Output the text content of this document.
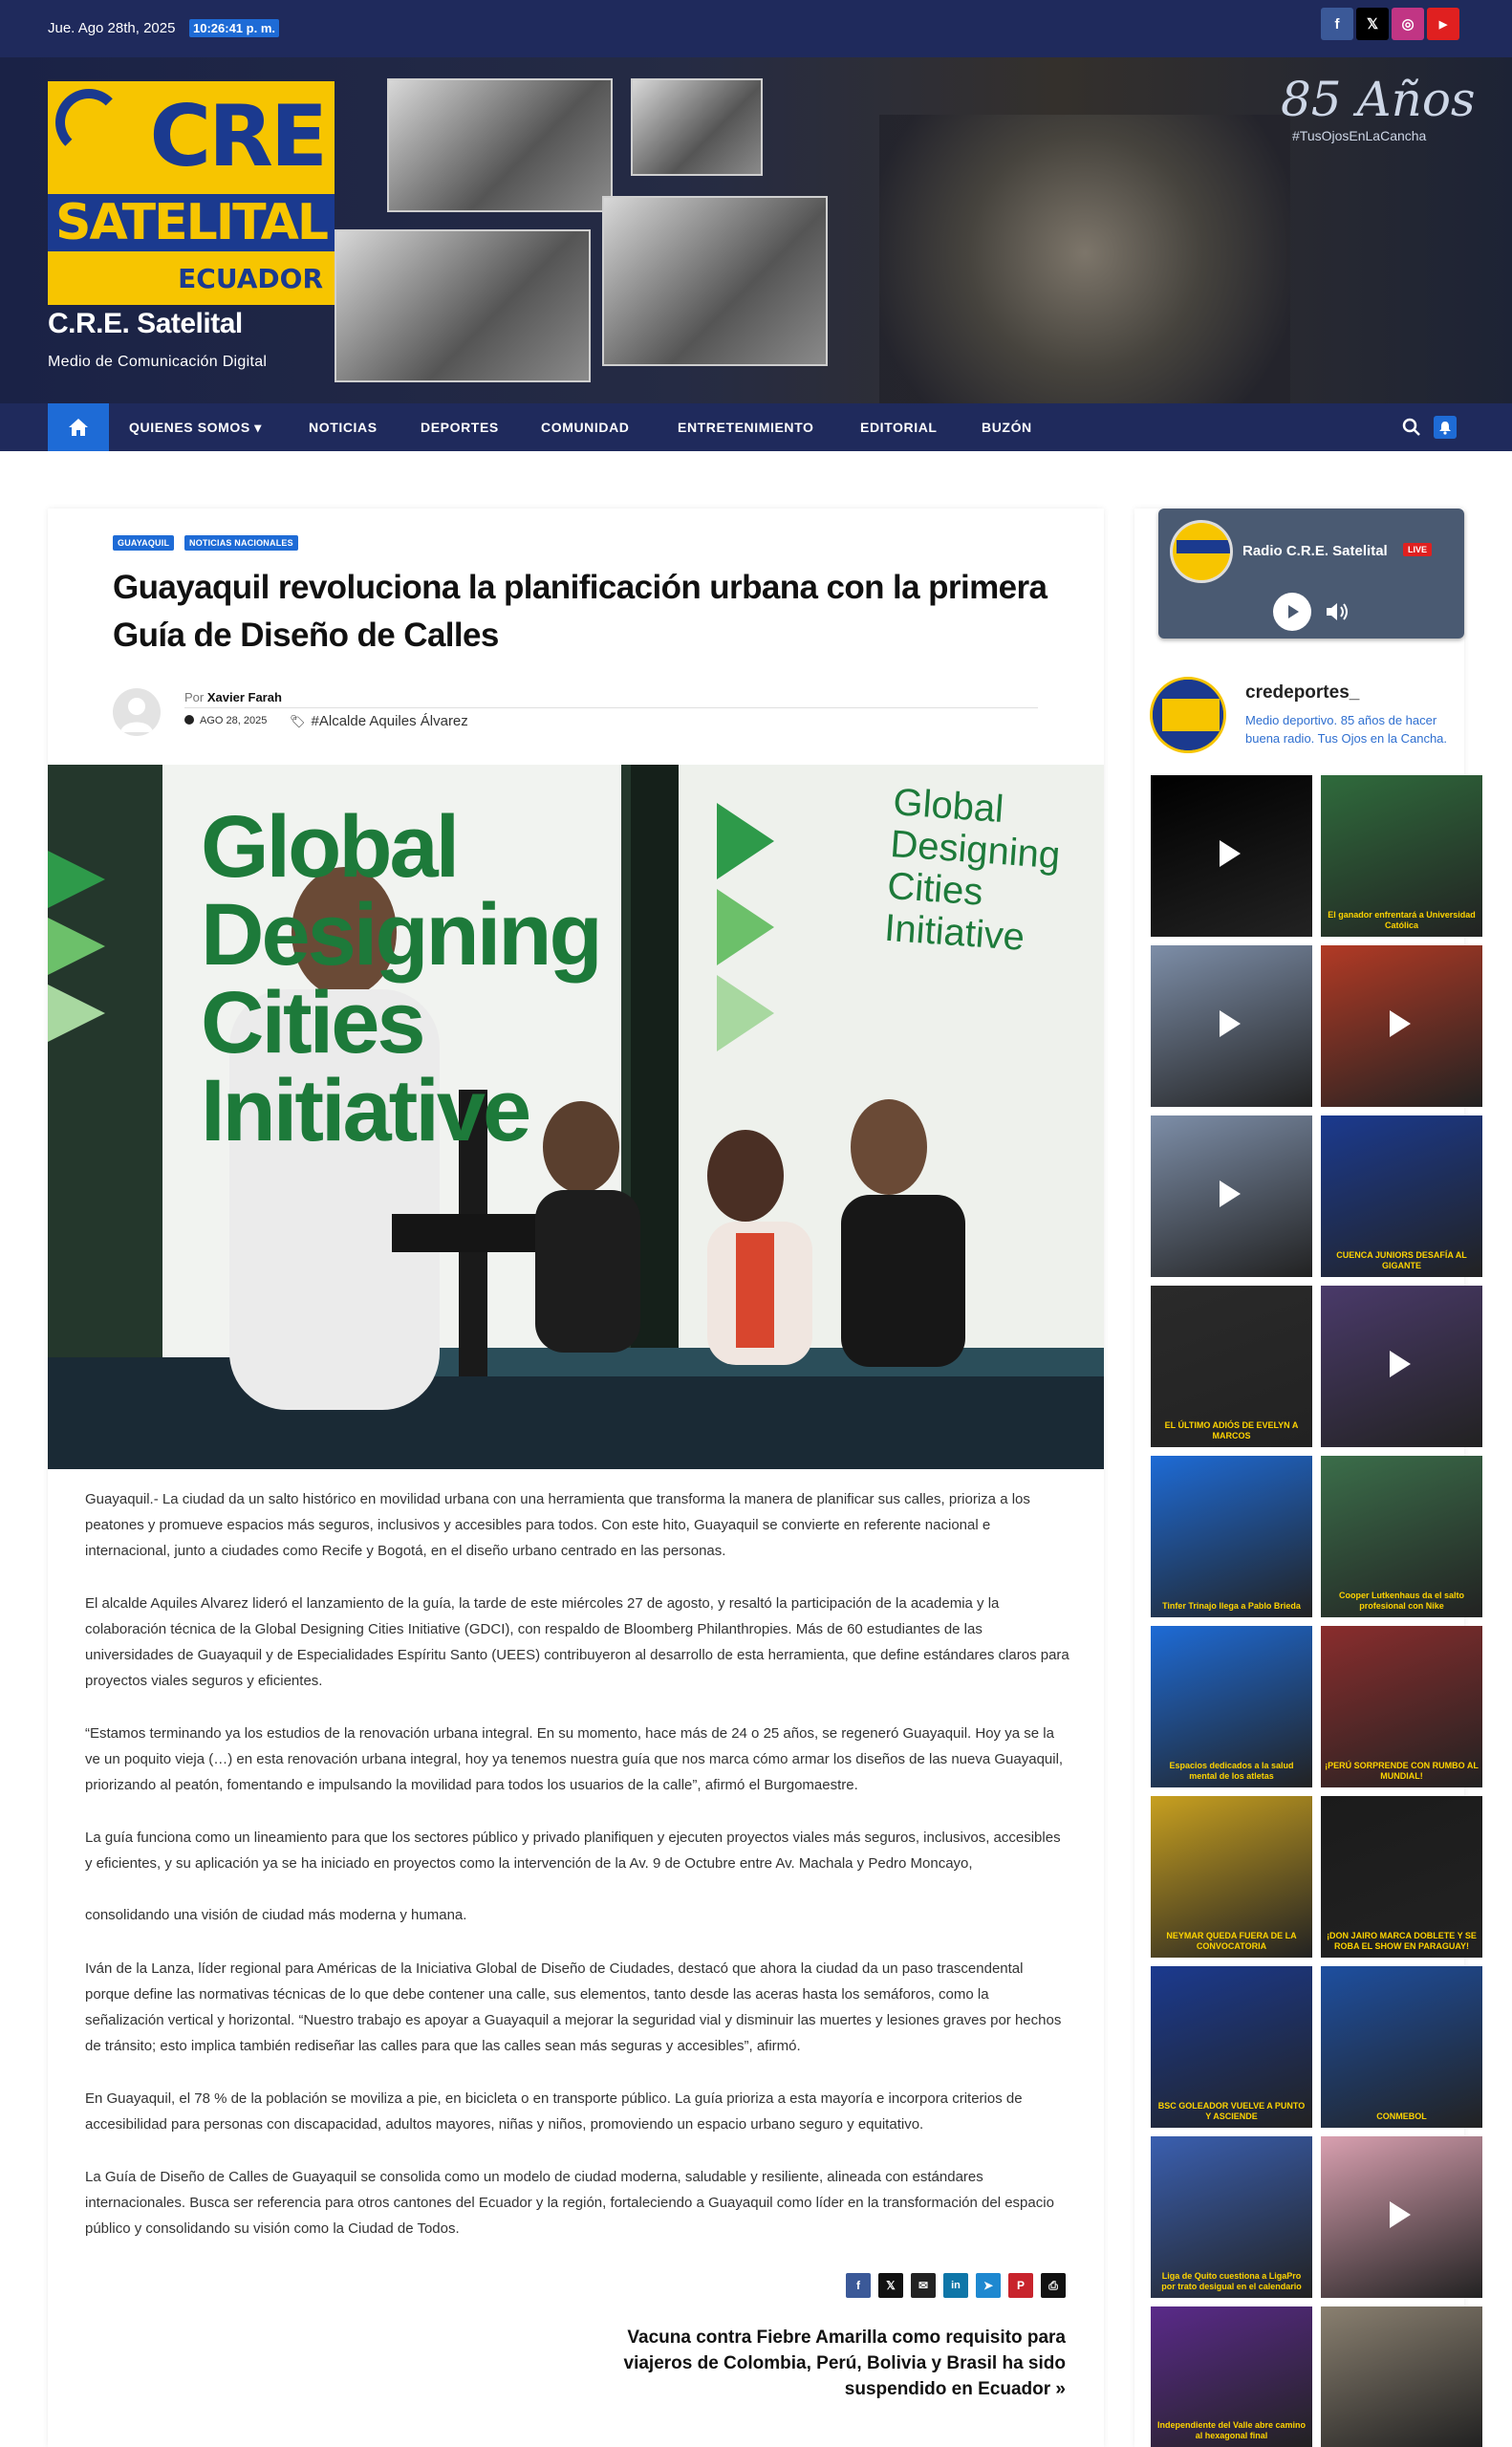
Jue. Ago 28th, 2025	10:26:41 p. m.	f	𝕏	◎	▶
CRE
SATELITAL
ECUADOR
C.R.E. Satelital
Medio de Comunicación Digital
85 Años
#TusOjosEnLaCancha
QUIENES SOMOS ▾	NOTICIAS	DEPORTES	COMUNIDAD	ENTRETENIMIENTO	EDITORIAL	BUZÓN
GUAYAQUIL	NOTICIAS NACIONALES
Guayaquil revoluciona la planificación urbana con la primera Guía de Diseño de Calles
Por Xavier Farah
AGO 28, 2025 🏷 #Alcalde Aquiles Álvarez
Global Designing Cities Initiative
Global Designing Cities Initiative

Guayaquil.- La ciudad da un salto histórico en movilidad urbana con una herramienta que transforma la manera de planificar sus calles, prioriza a los peatones y promueve espacios más seguros, inclusivos y accesibles para todos. Con este hito, Guayaquil se convierte en referente nacional e internacional, junto a ciudades como Recife y Bogotá, en el diseño urbano centrado en las personas.

El alcalde Aquiles Alvarez lideró el lanzamiento de la guía, la tarde de este miércoles 27 de agosto, y resaltó la participación de la academia y la colaboración técnica de la Global Designing Cities Initiative (GDCI), con respaldo de Bloomberg Philanthropies. Más de 60 estudiantes de las universidades de Guayaquil y de Especialidades Espíritu Santo (UEES) contribuyeron al desarrollo de esta herramienta, que define estándares claros para proyectos viales seguros y eficientes.

“Estamos terminando ya los estudios de la renovación urbana integral. En su momento, hace más de 24 o 25 años, se regeneró Guayaquil. Hoy ya se la ve un poquito vieja (…) en esta renovación urbana integral, hoy ya tenemos nuestra guía que nos marca cómo armar los diseños de las nueva Guayaquil, priorizando al peatón, fomentando e impulsando la movilidad para todos los usuarios de la calle”, afirmó el Burgomaestre.

La guía funciona como un lineamiento para que los sectores público y privado planifiquen y ejecuten proyectos viales más seguros, inclusivos, accesibles y eficientes, y su aplicación ya se ha iniciado en proyectos como la intervención de la Av. 9 de Octubre entre Av. Machala y Pedro Moncayo,

consolidando una visión de ciudad más moderna y humana.

Iván de la Lanza, líder regional para Américas de la Iniciativa Global de Diseño de Ciudades, destacó que ahora la ciudad da un paso trascendental porque define las normativas técnicas de lo que debe contener una calle, sus elementos, tanto desde las aceras hasta los semáforos, como la señalización vertical y horizontal. “Nuestro trabajo es apoyar a Guayaquil a mejorar la seguridad vial y disminuir las muertes y lesiones graves por hechos de tránsito; esto implica también rediseñar las calles para que las calles sean más seguras y accesibles”, afirmó.

En Guayaquil, el 78 % de la población se moviliza a pie, en bicicleta o en transporte público. La guía prioriza a esta mayoría e incorpora criterios de accesibilidad para personas con discapacidad, adultos mayores, niñas y niños, promoviendo un espacio urbano seguro y equitativo.

La Guía de Diseño de Calles de Guayaquil se consolida como un modelo de ciudad moderna, saludable y resiliente, alineada con estándares internacionales. Busca ser referencia para otros cantones del Ecuador y la región, fortaleciendo a Guayaquil como líder en la transformación del espacio público y consolidando su visión como la Ciudad de Todos.

f	𝕏	✉	in	➤	P	⎙
Vacuna contra Fiebre Amarilla como requisito para viajeros de Colombia, Perú, Bolivia y Brasil ha sido suspendido en Ecuador »
Radio C.R.E. Satelital	LIVE
credeportes_
Medio deportivo. 85 años de hacer buena radio. Tus Ojos en la Cancha.
El ganador enfrentará a Universidad Católica
CUENCA JUNIORS DESAFÍA AL GIGANTE
EL ÚLTIMO ADIÓS DE EVELYN A MARCOS
Tinfer Trinajo llega a Pablo Brieda
Cooper Lutkenhaus da el salto profesional con Nike
Espacios dedicados a la salud mental de los atletas
¡PERÚ SORPRENDE CON RUMBO AL MUNDIAL!
NEYMAR QUEDA FUERA DE LA CONVOCATORIA
¡DON JAIRO MARCA DOBLETE Y SE ROBA EL SHOW EN PARAGUAY!
BSC GOLEADOR VUELVE A PUNTO Y ASCIENDE	CONMEBOL
Liga de Quito cuestiona a LigaPro por trato desigual en el calendario
Independiente del Valle abre camino al hexagonal final
